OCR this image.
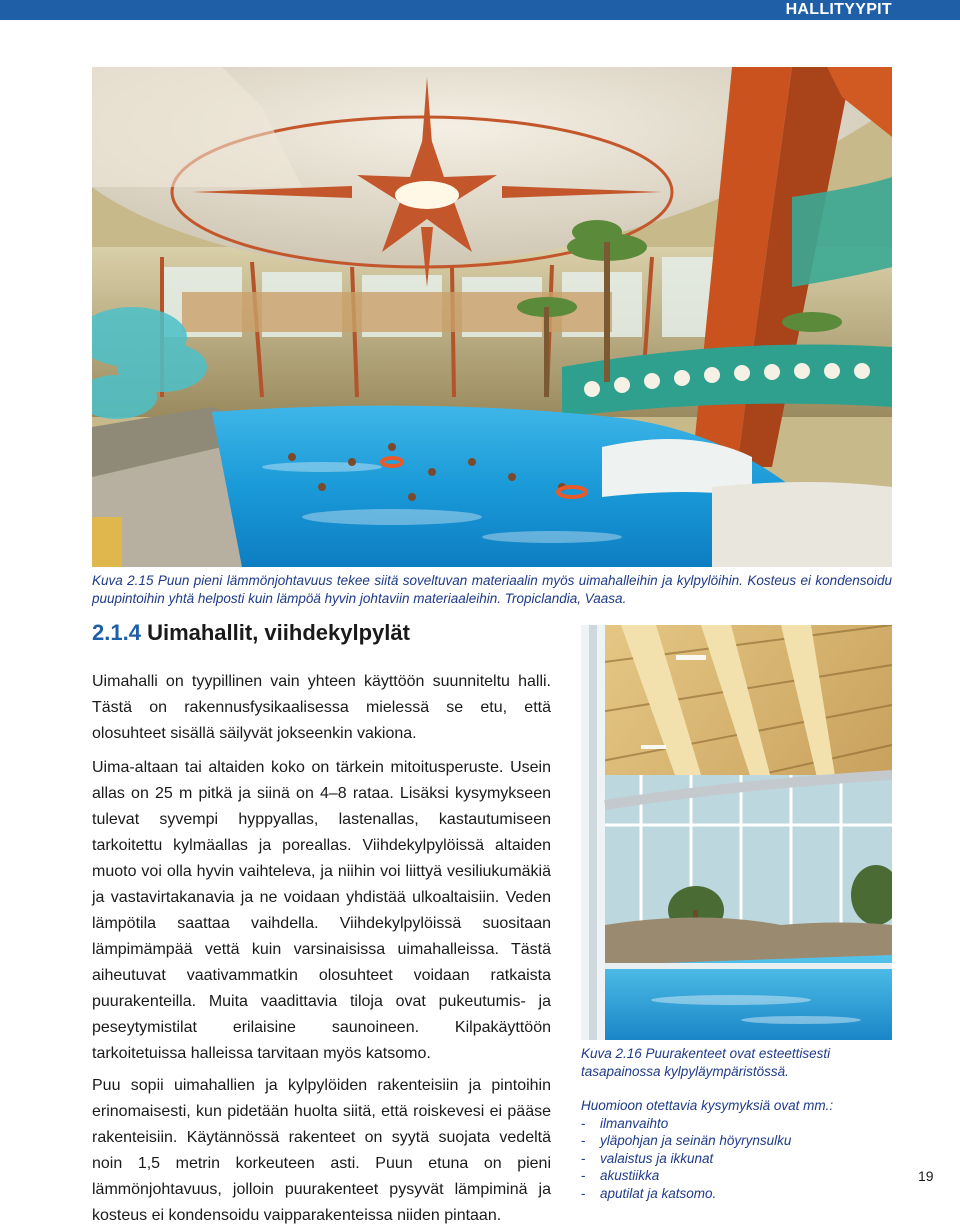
HALLITYYPIT
Kuva 2.15 Puun pieni lämmönjohtavuus tekee siitä soveltuvan materiaalin myös uimahalleihin ja kylpylöihin. Kosteus ei kondensoidu puupintoihin yhtä helposti kuin lämpöä hyvin johtaviin materiaaleihin. Tropiclandia, Vaasa.
2.1.4 Uimahallit, viihdekylpylät

Uimahalli on tyypillinen vain yhteen käyttöön suunniteltu halli. Tästä on rakennusfysikaalisessa mielessä se etu, että olosuhteet sisällä säilyvät jokseenkin vakiona.

Uima-altaan tai altaiden koko on tärkein mitoitusperuste. Usein allas on 25 m pitkä ja siinä on 4–8 rataa. Lisäksi kysymykseen tulevat syvempi hyppyallas, lastenallas, kastautumiseen tarkoitettu kylmäallas ja poreallas. Viihdekylpylöissä altaiden muoto voi olla hyvin vaihteleva, ja niihin voi liittyä vesiliukumäkiä ja vastavirtakanavia ja ne voidaan yhdistää ulkoaltaisiin. Veden lämpötila saattaa vaihdella. Viihdekylpylöissä suositaan lämpimämpää vettä kuin varsinaisissa uimahalleissa. Tästä aiheutuvat vaativammatkin olosuhteet voidaan ratkaista puurakenteilla. Muita vaadittavia tiloja ovat pukeutumis- ja peseytymistilat erilaisine saunoineen. Kilpakäyttöön tarkoitetuissa halleissa tarvitaan myös katsomo.

Puu sopii uimahallien ja kylpylöiden rakenteisiin ja pintoihin erinomaisesti, kun pidetään huolta siitä, että roiskevesi ei pääse rakenteisiin. Käytännössä rakenteet on syytä suojata vedeltä noin 1,5 metrin korkeuteen asti. Puun etuna on pieni lämmönjohtavuus, jolloin puurakenteet pysyvät lämpiminä ja kosteus ei kondensoidu vaipparakenteissa niiden pintaan.

Kuva 2.16 Puurakenteet ovat esteettisesti tasapainossa kylpyläympäristössä.
Huomioon otettavia kysymyksiä ovat mm.:
- ilmanvaihto
- yläpohjan ja seinän höyrynsulku
- valaistus ja ikkunat
- akustiikka
- aputilat ja katsomo.
19
